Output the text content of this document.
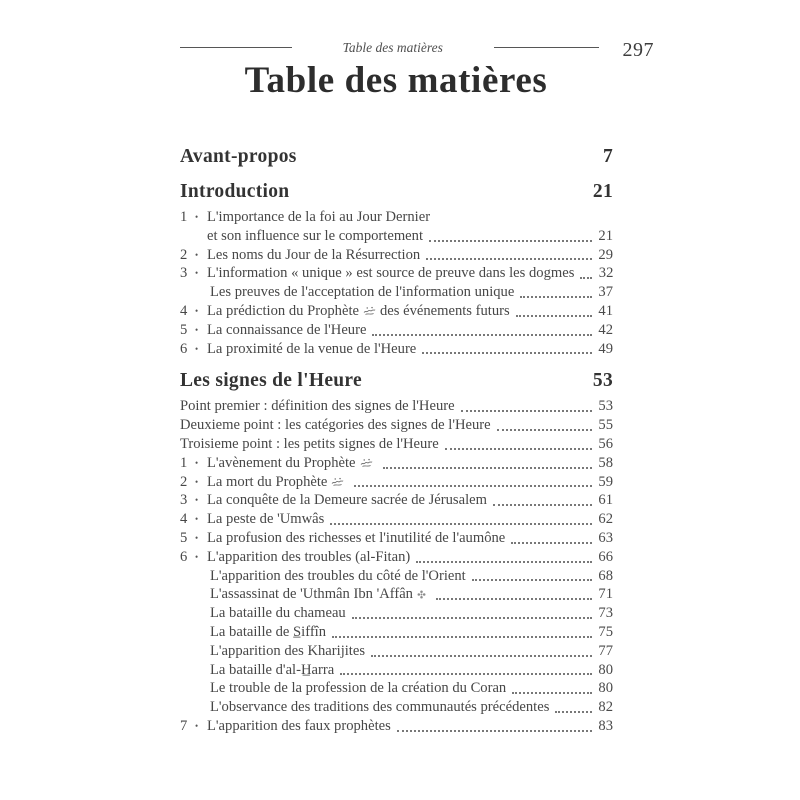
Table des matières	297
Table des matières
Avant-propos	7
Introduction	21
1 • L'importance de la foi au Jour Dernier
et son influence sur le comportement	21
2 • Les noms du Jour de la Résurrection	29
3 • L'information « unique » est source de preuve dans les dogmes 32
Les preuves de l'acceptation de l'information unique	37
4 • La prédiction du Prophète des événements futurs	41
5 • La connaissance de l'Heure	42
6 • La proximité de la venue de l'Heure	49
Les signes de l'Heure	53
Point premier : définition des signes de l'Heure	53
Deuxieme point : les catégories des signes de l'Heure	55
Troisieme point : les petits signes de l'Heure	56
1 • L'avènement du Prophète	58
2 • La mort du Prophète	59
3 • La conquête de la Demeure sacrée de Jérusalem	61
4 • La peste de 'Umwâs	62
5 • La profusion des richesses et l'inutilité de l'aumône	63
6 • L'apparition des troubles (al-Fitan)	66
L'apparition des troubles du côté de l'Orient	68
L'assassinat de 'Uthmân Ibn 'Affân	71
La bataille du chameau	73
La bataille de S̲iffîn	75
L'apparition des Kharijites	77
La bataille d'al-H̲arra	80
Le trouble de la profession de la création du Coran	80
L'observance des traditions des communautés précédentes	82
7 • L'apparition des faux prophètes	83
